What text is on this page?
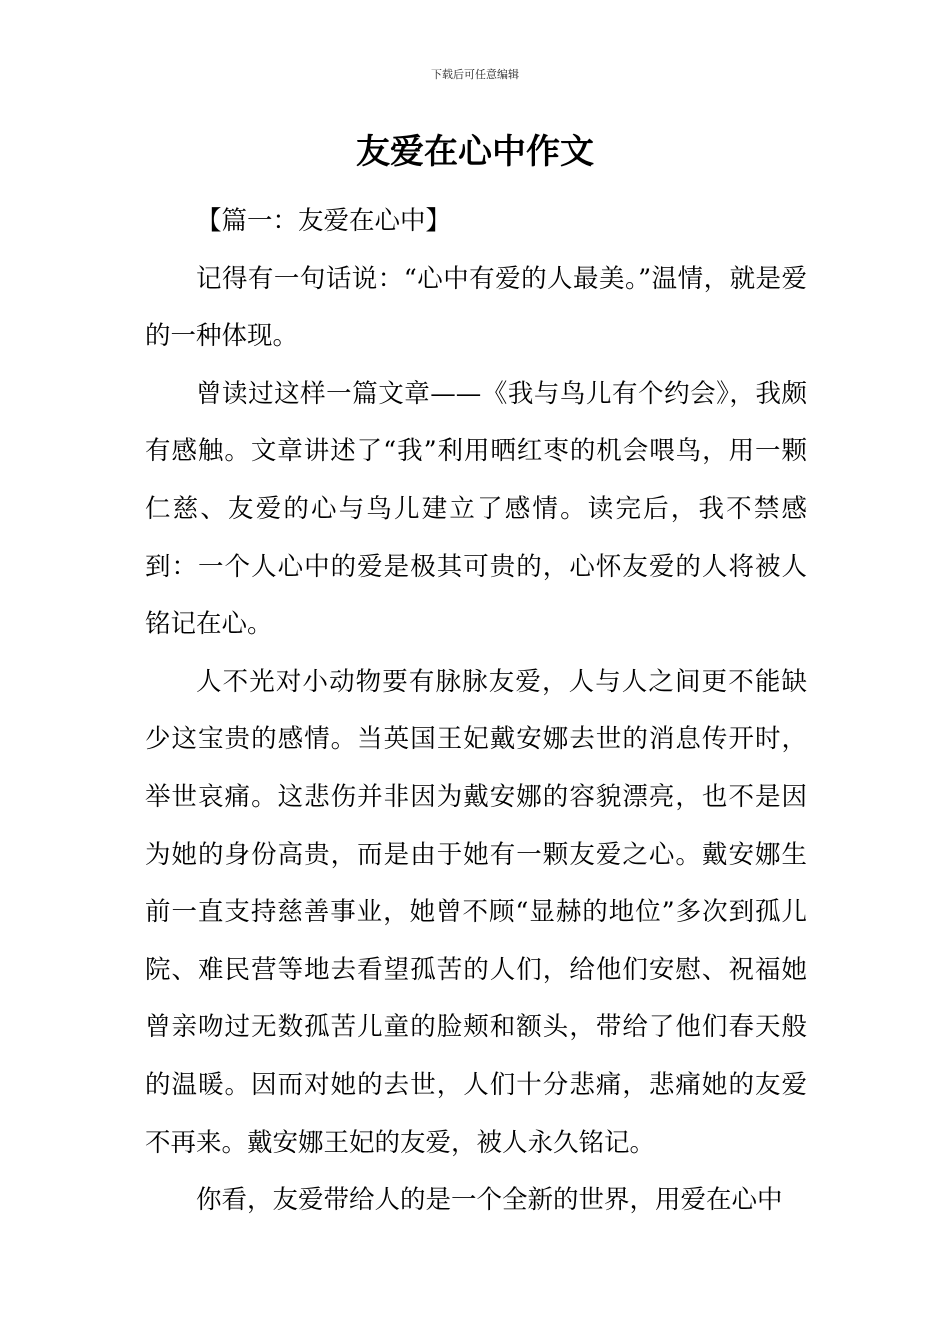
下载后可任意编辑
友爱在心中作文

【篇一：友爱在心中】

记得有一句话说：“心中有爱的人最美。”温情，就是爱的一种体现。

曾读过这样一篇文章——《我与鸟儿有个约会》，我颇有感触。文章讲述了“我”利用晒红枣的机会喂鸟，用一颗仁慈、友爱的心与鸟儿建立了感情。读完后，我不禁感到：一个人心中的爱是极其可贵的，心怀友爱的人将被人铭记在心。

人不光对小动物要有脉脉友爱，人与人之间更不能缺少这宝贵的感情。当英国王妃戴安娜去世的消息传开时，举世哀痛。这悲伤并非因为戴安娜的容貌漂亮，也不是因为她的身份高贵，而是由于她有一颗友爱之心。戴安娜生前一直支持慈善事业，她曾不顾“显赫的地位”多次到孤儿院、难民营等地去看望孤苦的人们，给他们安慰、祝福她曾亲吻过无数孤苦儿童的脸颊和额头，带给了他们春天般的温暖。因而对她的去世，人们十分悲痛，悲痛她的友爱不再来。戴安娜王妃的友爱，被人永久铭记。

你看，友爱带给人的是一个全新的世界，用爱在心中
